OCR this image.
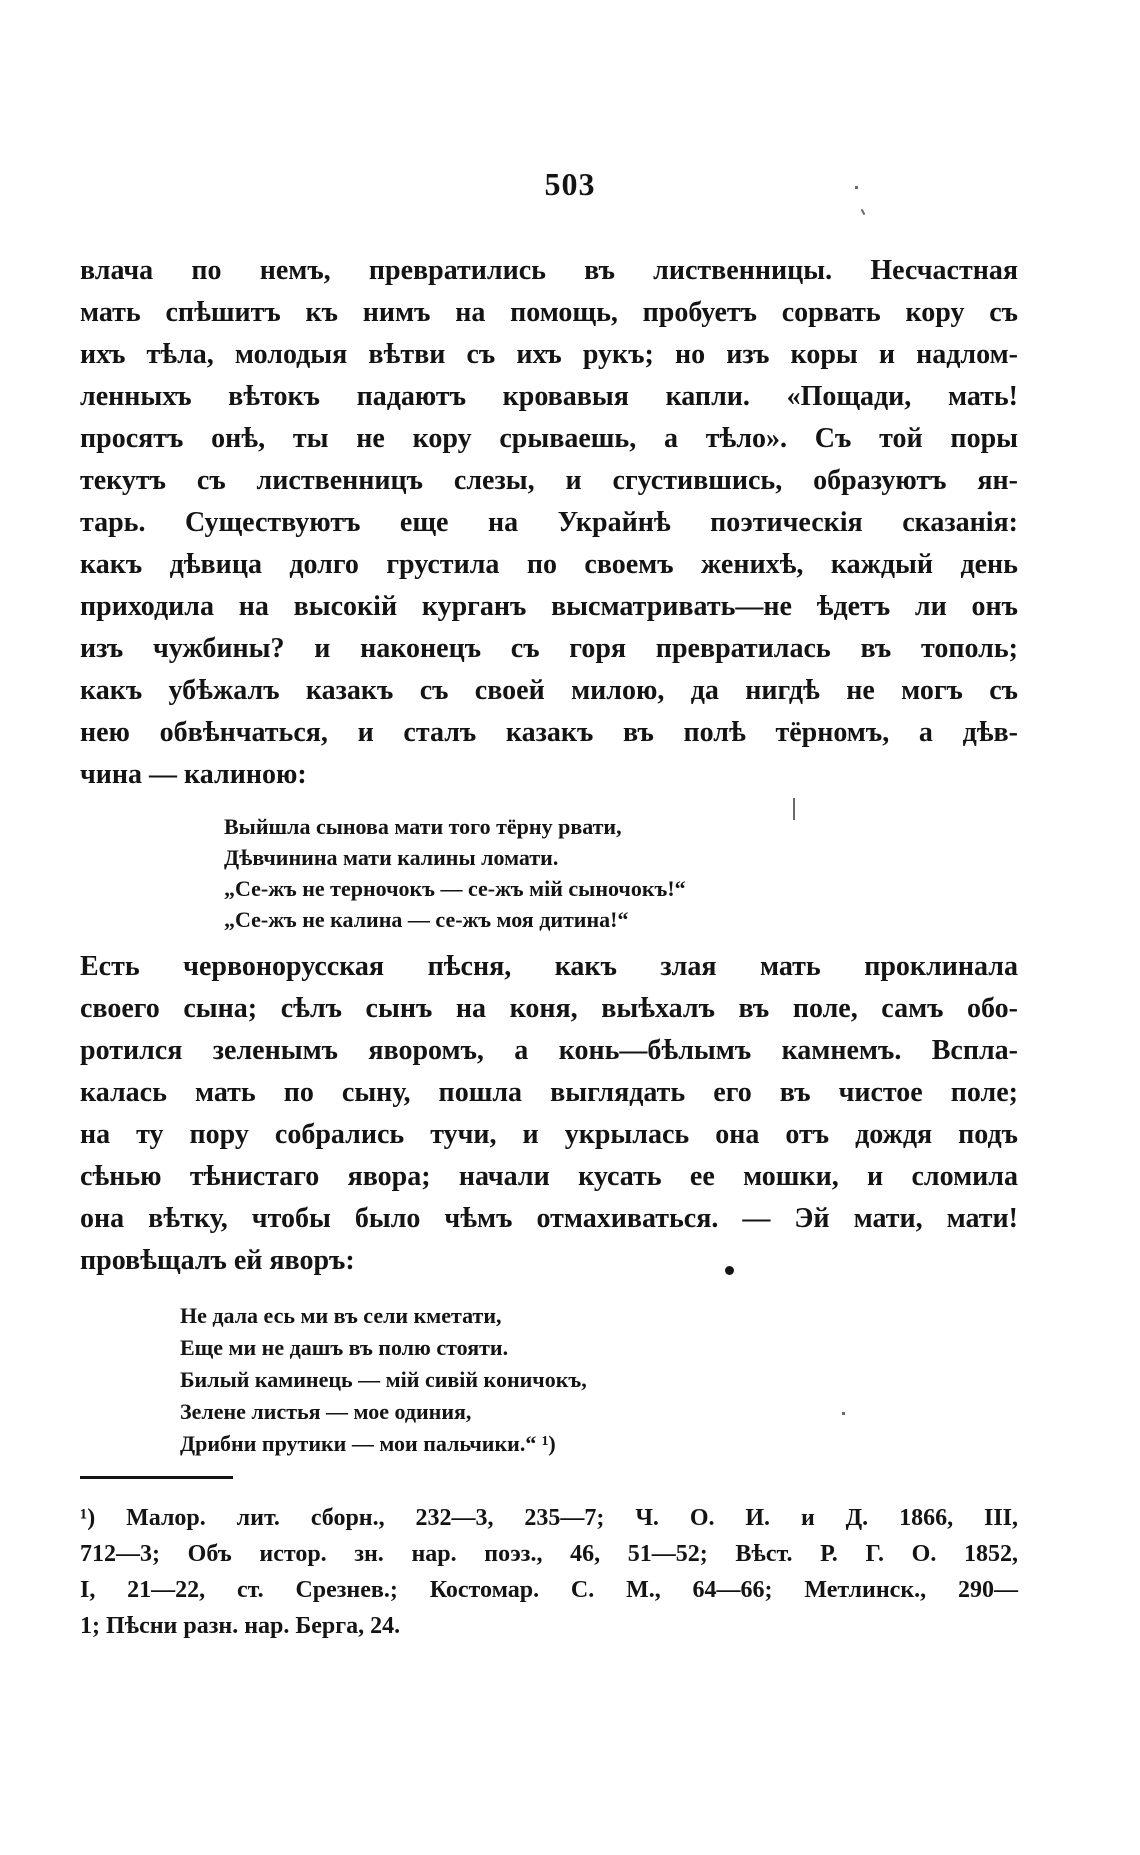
503
влача по немъ, превратились въ лиственницы. Несчастная
мать спѣшитъ къ нимъ на помощь, пробуетъ сорвать кору съ
ихъ тѣла, молодыя вѣтви съ ихъ рукъ; но изъ коры и надлом-
ленныхъ вѣтокъ падаютъ кровавыя капли. «Пощади, мать!
просятъ онѣ, ты не кору срываешь, а тѣло». Съ той поры
текутъ съ лиственницъ слезы, и сгустившись, образуютъ ян-
тарь. Существуютъ еще на Украйнѣ поэтическія сказанія:
какъ дѣвица долго грустила по своемъ женихѣ, каждый день
приходила на высокій курганъ высматривать—не ѣдетъ ли онъ
изъ чужбины? и наконецъ съ горя превратилась въ тополь;
какъ убѣжалъ казакъ съ своей милою, да нигдѣ не могъ съ
нею обвѣнчаться, и сталъ казакъ въ полѣ тёрномъ, а дѣв-
чина — калиною:
Выйшла сынова мати того тёрну рвати,
Дѣвчинина мати калины ломати.
„Се-жъ не терночокъ — се-жъ мій сыночокъ!“
„Се-жъ не калина — се-жъ моя дитина!“
Есть червонорусская пѣсня, какъ злая мать проклинала
своего сына; сѣлъ сынъ на коня, выѣхалъ въ поле, самъ обо-
ротился зеленымъ яворомъ, а конь—бѣлымъ камнемъ. Вспла-
калась мать по сыну, пошла выглядать его въ чистое поле;
на ту пору собрались тучи, и укрылась она отъ дождя подъ
сѣнью тѣнистаго явора; начали кусать ее мошки, и сломила
она вѣтку, чтобы было чѣмъ отмахиваться. — Эй мати, мати!
провѣщалъ ей яворъ:
Не дала есь ми въ сели кметати,
Еще ми не дашъ въ полю стояти.
Билый каминець — мій сивій коничокъ,
Зелене листья — мое одиния,
Дрибни прутики — мои пальчики.“ ¹)
¹) Малор. лит. сборн., 232—3, 235—7; Ч. О. И. и Д. 1866, III,
712—3; Объ истор. зн. нар. поэз., 46, 51—52; Вѣст. Р. Г. О. 1852,
I, 21—22, ст. Срезнев.; Костомар. С. М., 64—66; Метлинск., 290—
1; Пѣсни разн. нар. Берга, 24.
